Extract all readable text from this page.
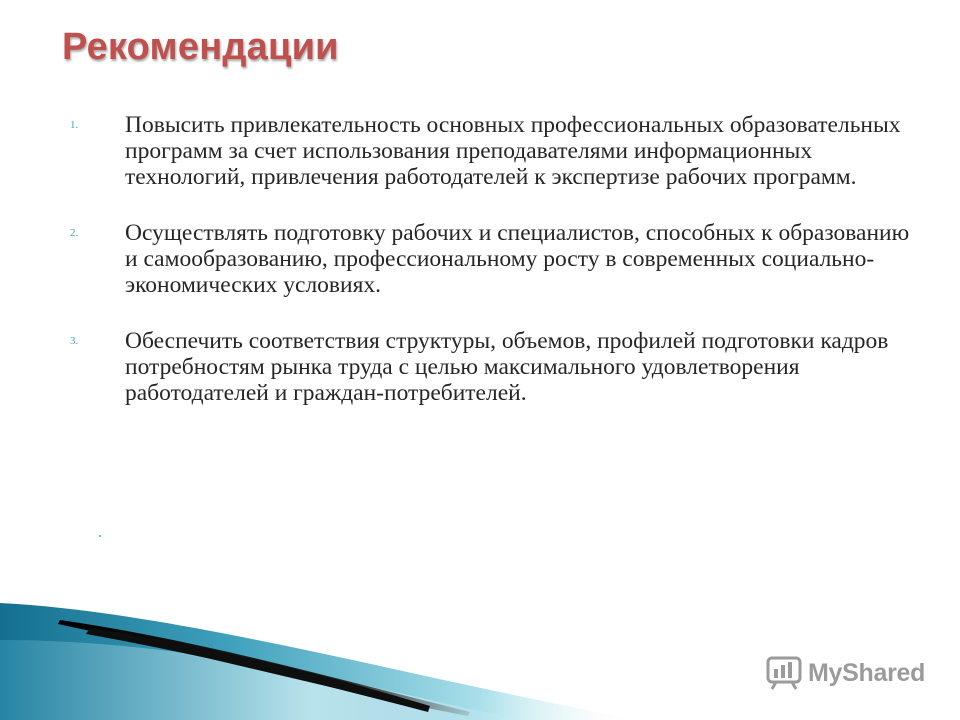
Рекомендации
1. Повысить привлекательность основных профессиональных образовательных программ за счет использования преподавателями информационных технологий, привлечения работодателей к экспертизе рабочих программ.
2. Осуществлять подготовку рабочих и специалистов, способных к образованию и самообразованию, профессиональному росту в современных социально-экономических условиях.
3. Обеспечить соответствия структуры, объемов, профилей подготовки кадров потребностям рынка труда с целью максимального удовлетворения работодателей и граждан-потребителей.
MyShared
